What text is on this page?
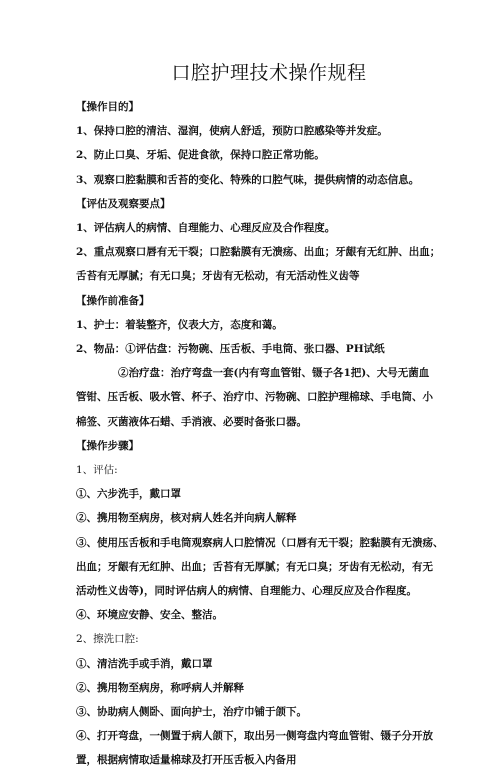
口腔护理技术操作规程
【操作目的】
1、保持口腔的清洁、湿润，使病人舒适，预防口腔感染等并发症。
2、防止口臭、牙垢、促进食欲，保持口腔正常功能。
3、观察口腔黏膜和舌苔的变化、特殊的口腔气味，提供病情的动态信息。
【评估及观察要点】
1、评估病人的病情、自理能力、心理反应及合作程度。
2、重点观察口唇有无干裂；口腔黏膜有无溃疡、出血；牙龈有无红肿、出血；
舌苔有无厚腻；有无口臭；牙齿有无松动，有无活动性义齿等
【操作前准备】
1、护士：着装整齐，仪表大方，态度和蔼。
2、物品：①评估盘：污物碗、压舌板、手电筒、张口器、PH试纸
②治疗盘：治疗弯盘一套(内有弯血管钳、镊子各1把)、大号无菌血
管钳、压舌板、吸水管、杯子、治疗巾、污物碗、口腔护理棉球、手电筒、小
棉签、灭菌液体石蜡、手消液、必要时备张口器。
【操作步骤】
1、评估:
①、六步洗手，戴口罩
②、携用物至病房，核对病人姓名并向病人解释
③、使用压舌板和手电筒观察病人口腔情况（口唇有无干裂；腔黏膜有无溃疡、
出血；牙龈有无红肿、出血；舌苔有无厚腻；有无口臭；牙齿有无松动，有无
活动性义齿等)，同时评估病人的病情、自理能力、心理反应及合作程度。
④、环境应安静、安全、整洁。
2、擦洗口腔:
①、清洁洗手或手消，戴口罩
②、携用物至病房，称呼病人并解释
③、协助病人侧卧、面向护士，治疗巾铺于颌下。
④、打开弯盘，一侧置于病人颌下，取出另一侧弯盘内弯血管钳、镊子分开放
置，根据病情取适量棉球及打开压舌板入内备用
